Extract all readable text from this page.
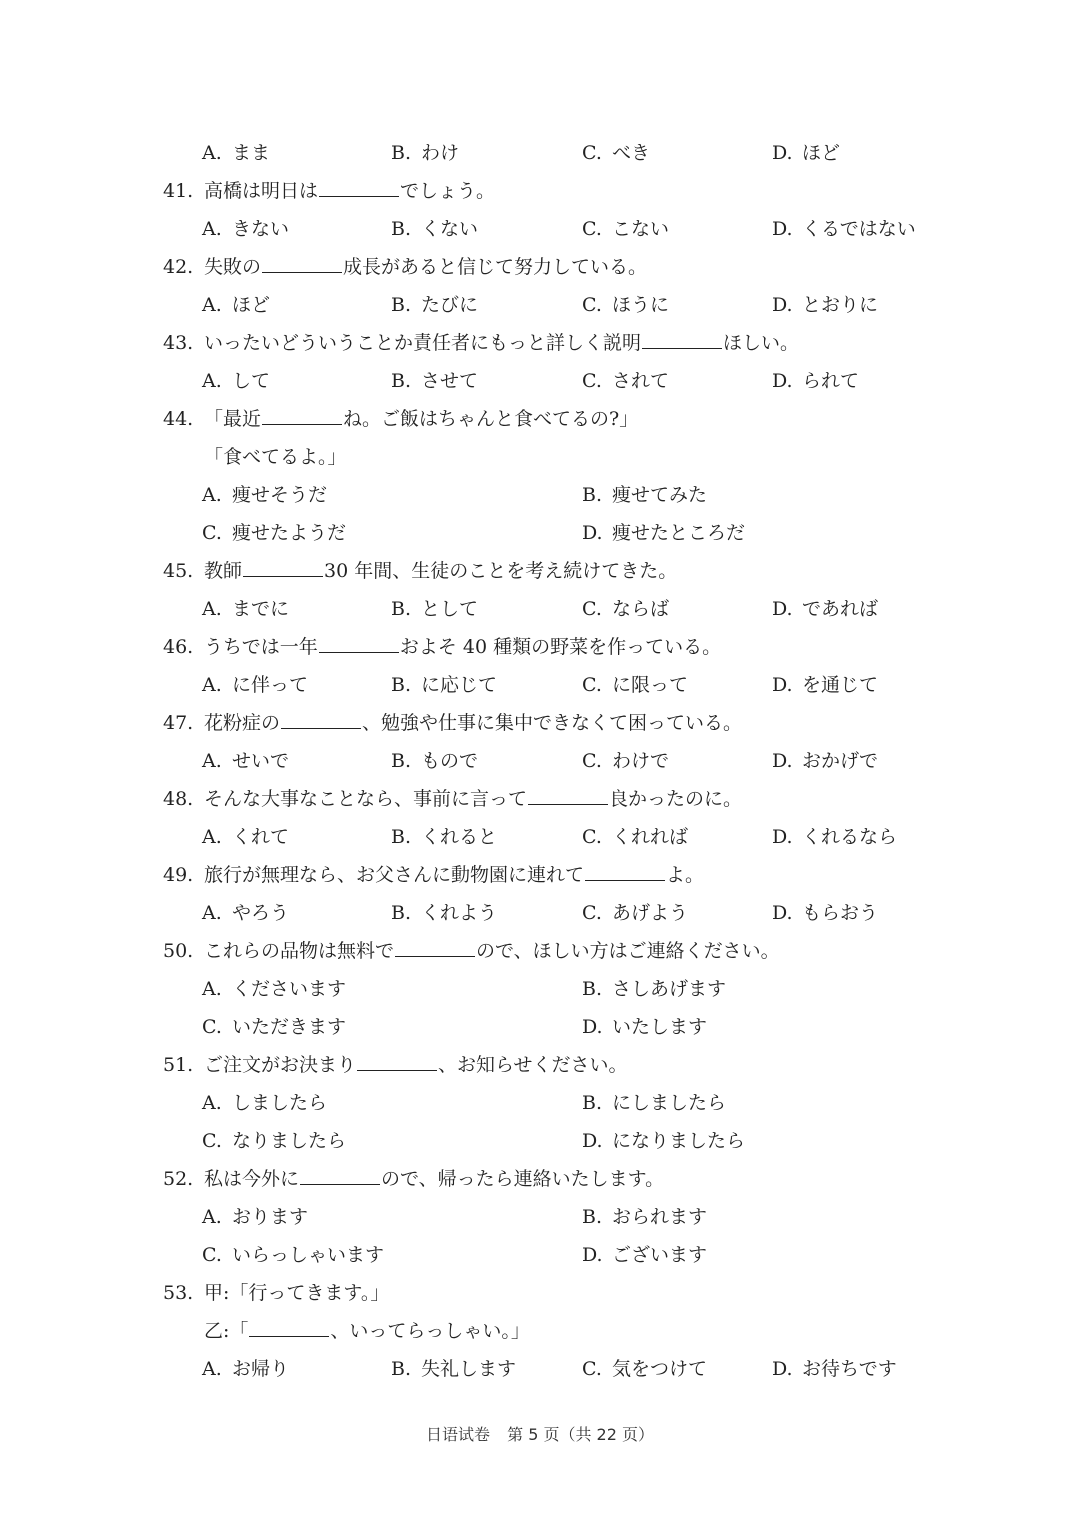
A. まま	B. わけ	C. べき	D. ほど
41. 高橋は明日は	でしょう。
A. きない	B. くない	C. こない	D. くるではない
42. 失敗の	成長があると信じて努力している。
A. ほど	B. たびに	C. ほうに	D. とおりに
43. いったいどういうことか責任者にもっと詳しく説明	ほしい。
A. して	B. させて	C. されて	D. られて
44. 「最近	ね。ご飯はちゃんと食べてるの?」
「食べてるよ。」
A. 痩せそうだ	B. 痩せてみた
C. 痩せたようだ	D. 痩せたところだ
45. 教師	30 年間、生徒のことを考え続けてきた。
A. までに	B. として	C. ならば	D. であれば
46. うちでは一年	およそ 40 種類の野菜を作っている。
A. に伴って	B. に応じて	C. に限って	D. を通じて
47. 花粉症の	、勉強や仕事に集中できなくて困っている。
A. せいで	B. もので	C. わけで	D. おかげで
48. そんな大事なことなら、事前に言って	良かったのに。
A. くれて	B. くれると	C. くれれば	D. くれるなら
49. 旅行が無理なら、お父さんに動物園に連れて	よ。
A. やろう	B. くれよう	C. あげよう	D. もらおう
50. これらの品物は無料で	ので、ほしい方はご連絡ください。
A. くださいます	B. さしあげます
C. いただきます	D. いたします
51. ご注文がお決まり	、お知らせください。
A. しましたら	B. にしましたら
C. なりましたら	D. になりましたら
52. 私は今外に	ので、帰ったら連絡いたします。
A. おります	B. おられます
C. いらっしゃいます	D. ございます
53. 甲:「行ってきます。」
乙:「	、いってらっしゃい。」
A. お帰り	B. 失礼します	C. 気をつけて	D. お待ちです
日语试卷 第 5 页（共 22 页）
